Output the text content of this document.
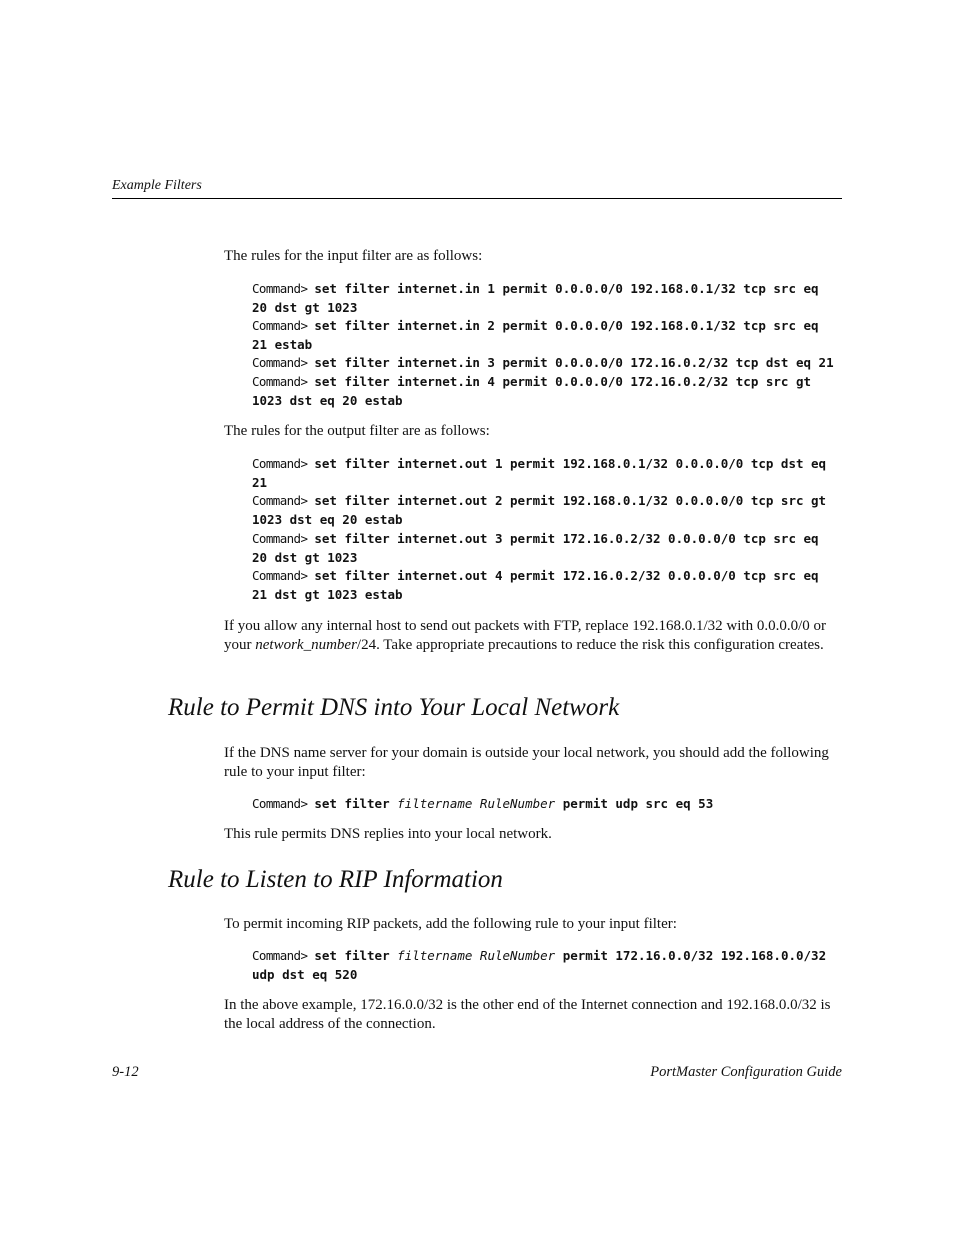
Example Filters

The rules for the input filter are as follows:

Command> set filter internet.in 1 permit 0.0.0.0/0 192.168.0.1/32 tcp src eq
20 dst gt 1023
Command> set filter internet.in 2 permit 0.0.0.0/0 192.168.0.1/32 tcp src eq
21 estab
Command> set filter internet.in 3 permit 0.0.0.0/0 172.16.0.2/32 tcp dst eq 21
Command> set filter internet.in 4 permit 0.0.0.0/0 172.16.0.2/32 tcp src gt
1023 dst eq 20 estab

The rules for the output filter are as follows:

Command> set filter internet.out 1 permit 192.168.0.1/32 0.0.0.0/0 tcp dst eq
21
Command> set filter internet.out 2 permit 192.168.0.1/32 0.0.0.0/0 tcp src gt
1023 dst eq 20 estab
Command> set filter internet.out 3 permit 172.16.0.2/32 0.0.0.0/0 tcp src eq
20 dst gt 1023
Command> set filter internet.out 4 permit 172.16.0.2/32 0.0.0.0/0 tcp src eq
21 dst gt 1023 estab

If you allow any internal host to send out packets with FTP, replace 192.168.0.1/32 with 0.0.0.0/0 or your network_number/24. Take appropriate precautions to reduce the risk this configuration creates.

Rule to Permit DNS into Your Local Network

If the DNS name server for your domain is outside your local network, you should add the following rule to your input filter:

Command> set filter filtername RuleNumber permit udp src eq 53

This rule permits DNS replies into your local network.

Rule to Listen to RIP Information

To permit incoming RIP packets, add the following rule to your input filter:

Command> set filter filtername RuleNumber permit 172.16.0.0/32 192.168.0.0/32
udp dst eq 520

In the above example, 172.16.0.0/32 is the other end of the Internet connection and 192.168.0.0/32 is the local address of the connection.

9-12	PortMaster Configuration Guide
